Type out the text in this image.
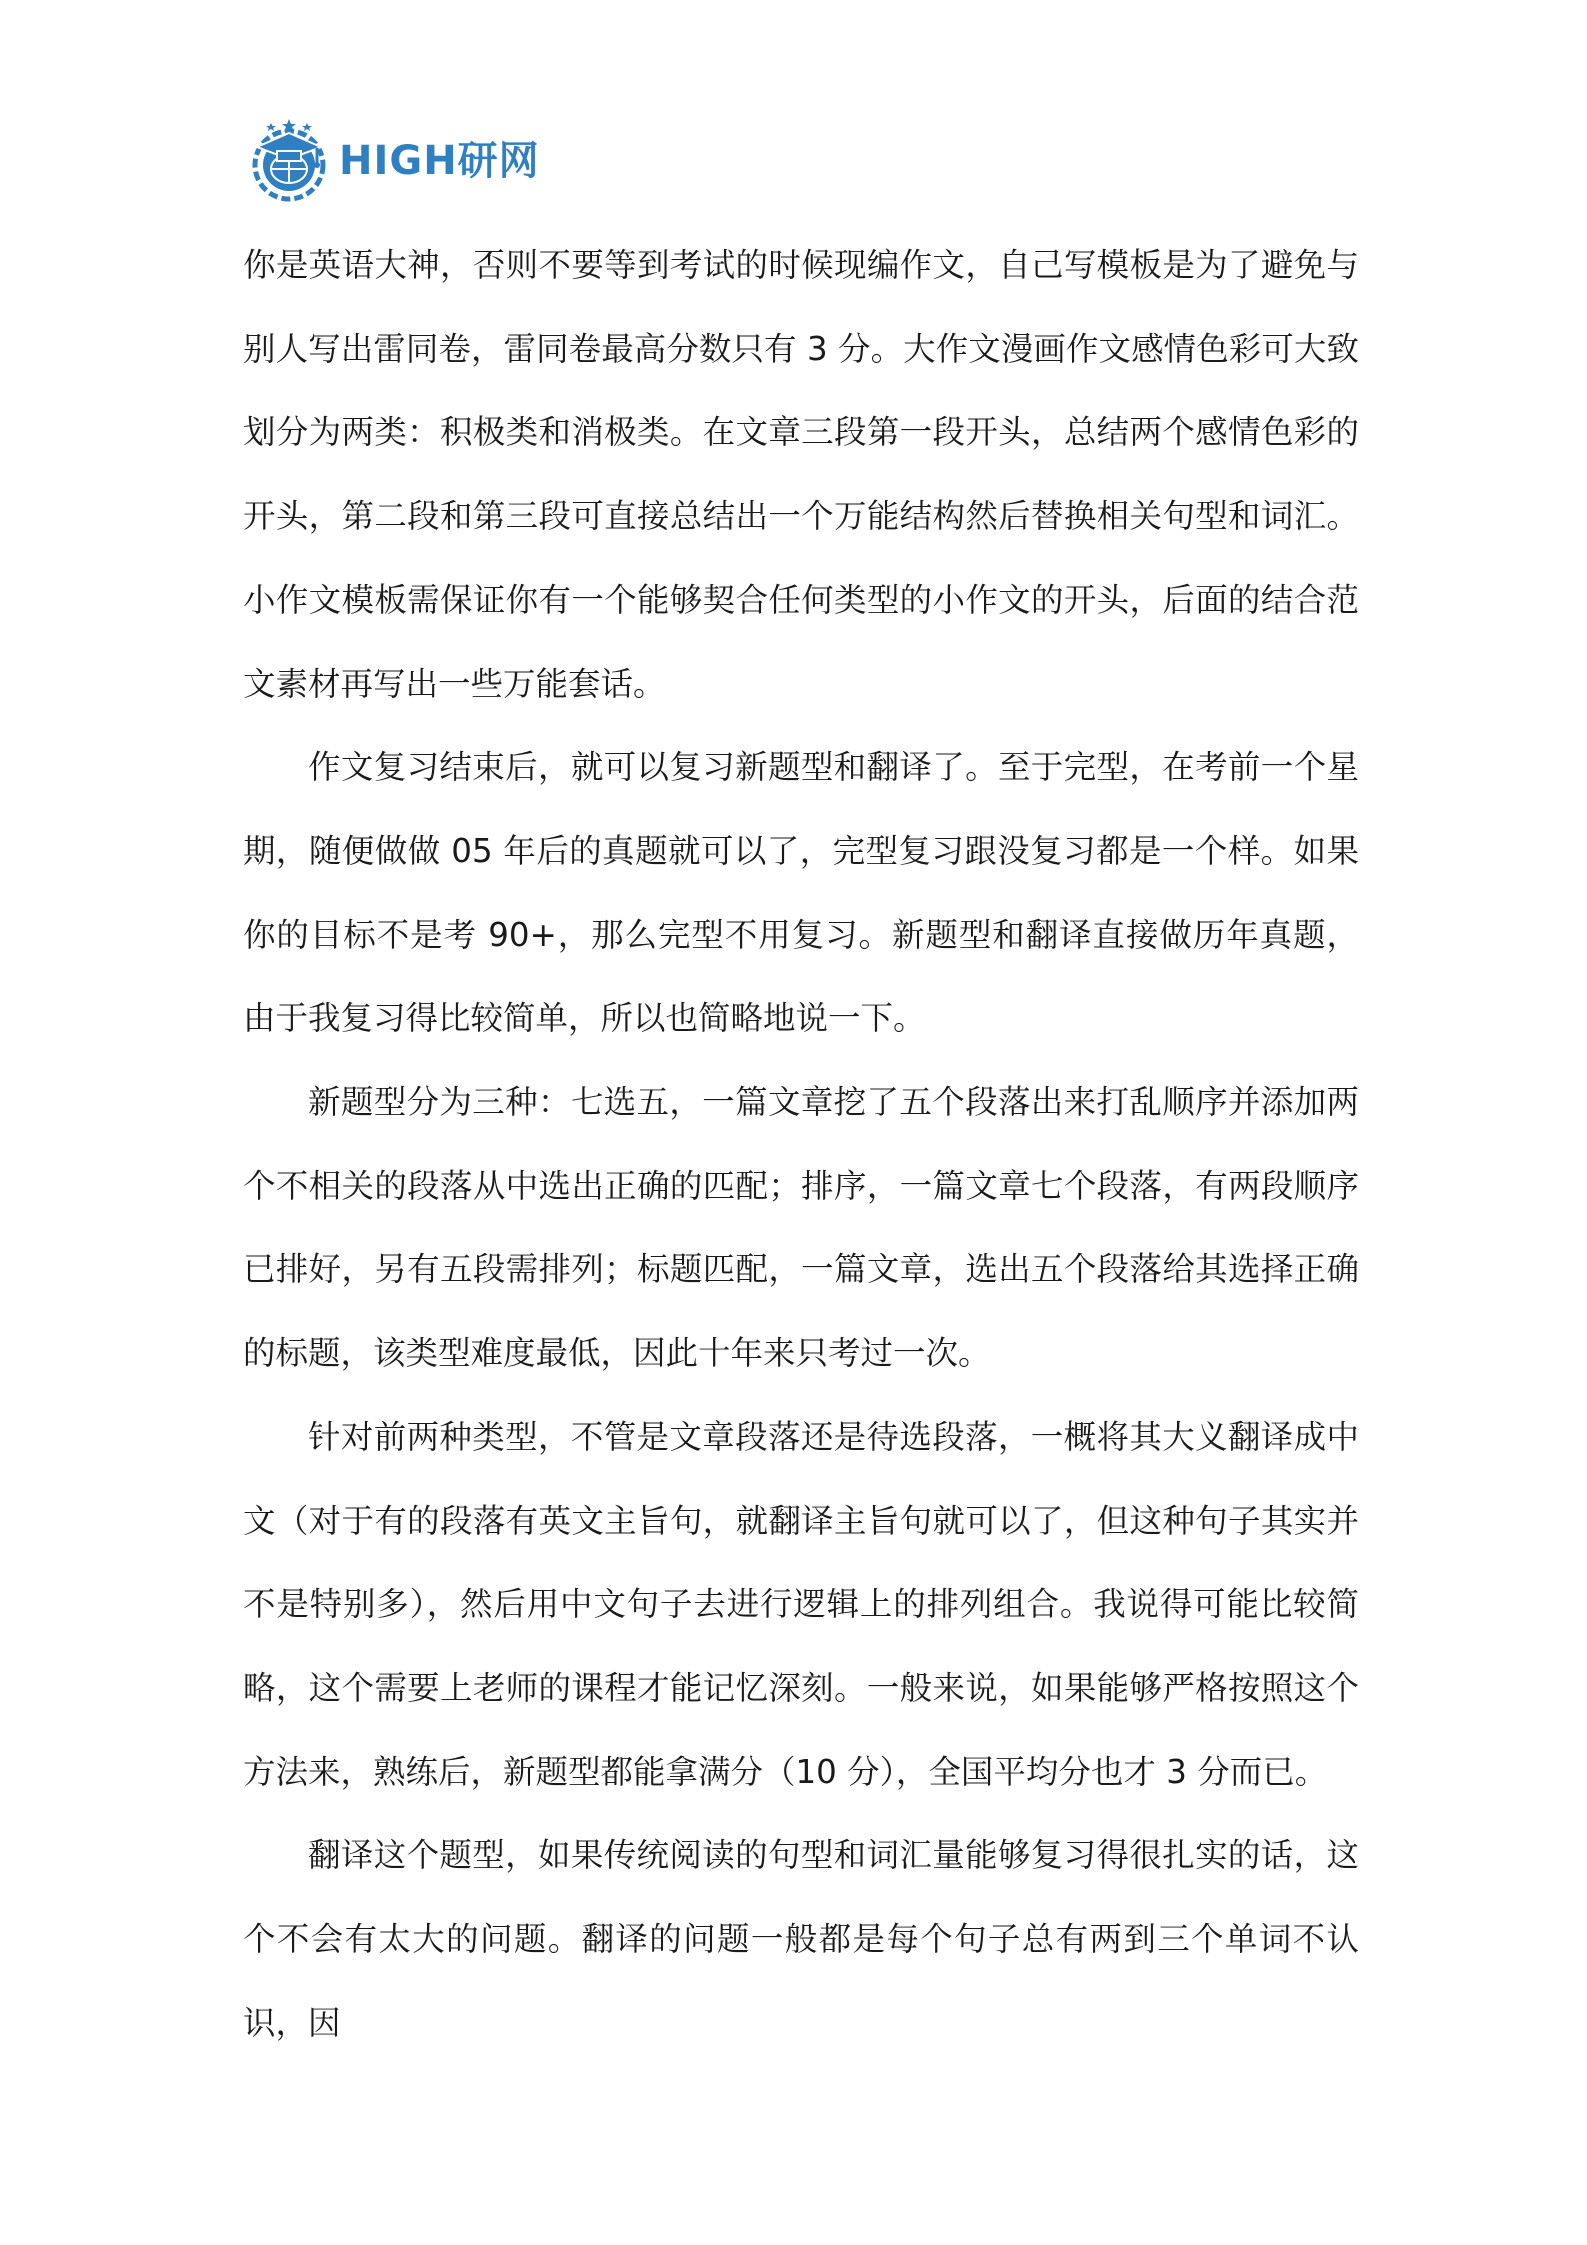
HIGH研网

你是英语大神，否则不要等到考试的时候现编作文，自己写模板是为了避免与别人写出雷同卷，雷同卷最高分数只有 3 分。大作文漫画作文感情色彩可大致划分为两类：积极类和消极类。在文章三段第一段开头，总结两个感情色彩的开头，第二段和第三段可直接总结出一个万能结构然后替换相关句型和词汇。小作文模板需保证你有一个能够契合任何类型的小作文的开头，后面的结合范文素材再写出一些万能套话。

作文复习结束后，就可以复习新题型和翻译了。至于完型，在考前一个星期，随便做做 05 年后的真题就可以了，完型复习跟没复习都是一个样。如果你的目标不是考 90+，那么完型不用复习。新题型和翻译直接做历年真题，由于我复习得比较简单，所以也简略地说一下。

新题型分为三种：七选五，一篇文章挖了五个段落出来打乱顺序并添加两个不相关的段落从中选出正确的匹配；排序，一篇文章七个段落，有两段顺序已排好，另有五段需排列；标题匹配，一篇文章，选出五个段落给其选择正确的标题，该类型难度最低，因此十年来只考过一次。

针对前两种类型，不管是文章段落还是待选段落，一概将其大义翻译成中文（对于有的段落有英文主旨句，就翻译主旨句就可以了，但这种句子其实并不是特别多），然后用中文句子去进行逻辑上的排列组合。我说得可能比较简略，这个需要上老师的课程才能记忆深刻。一般来说，如果能够严格按照这个方法来，熟练后，新题型都能拿满分（10 分），全国平均分也才 3 分而已。

翻译这个题型，如果传统阅读的句型和词汇量能够复习得很扎实的话，这个不会有太大的问题。翻译的问题一般都是每个句子总有两到三个单词不认识，因
